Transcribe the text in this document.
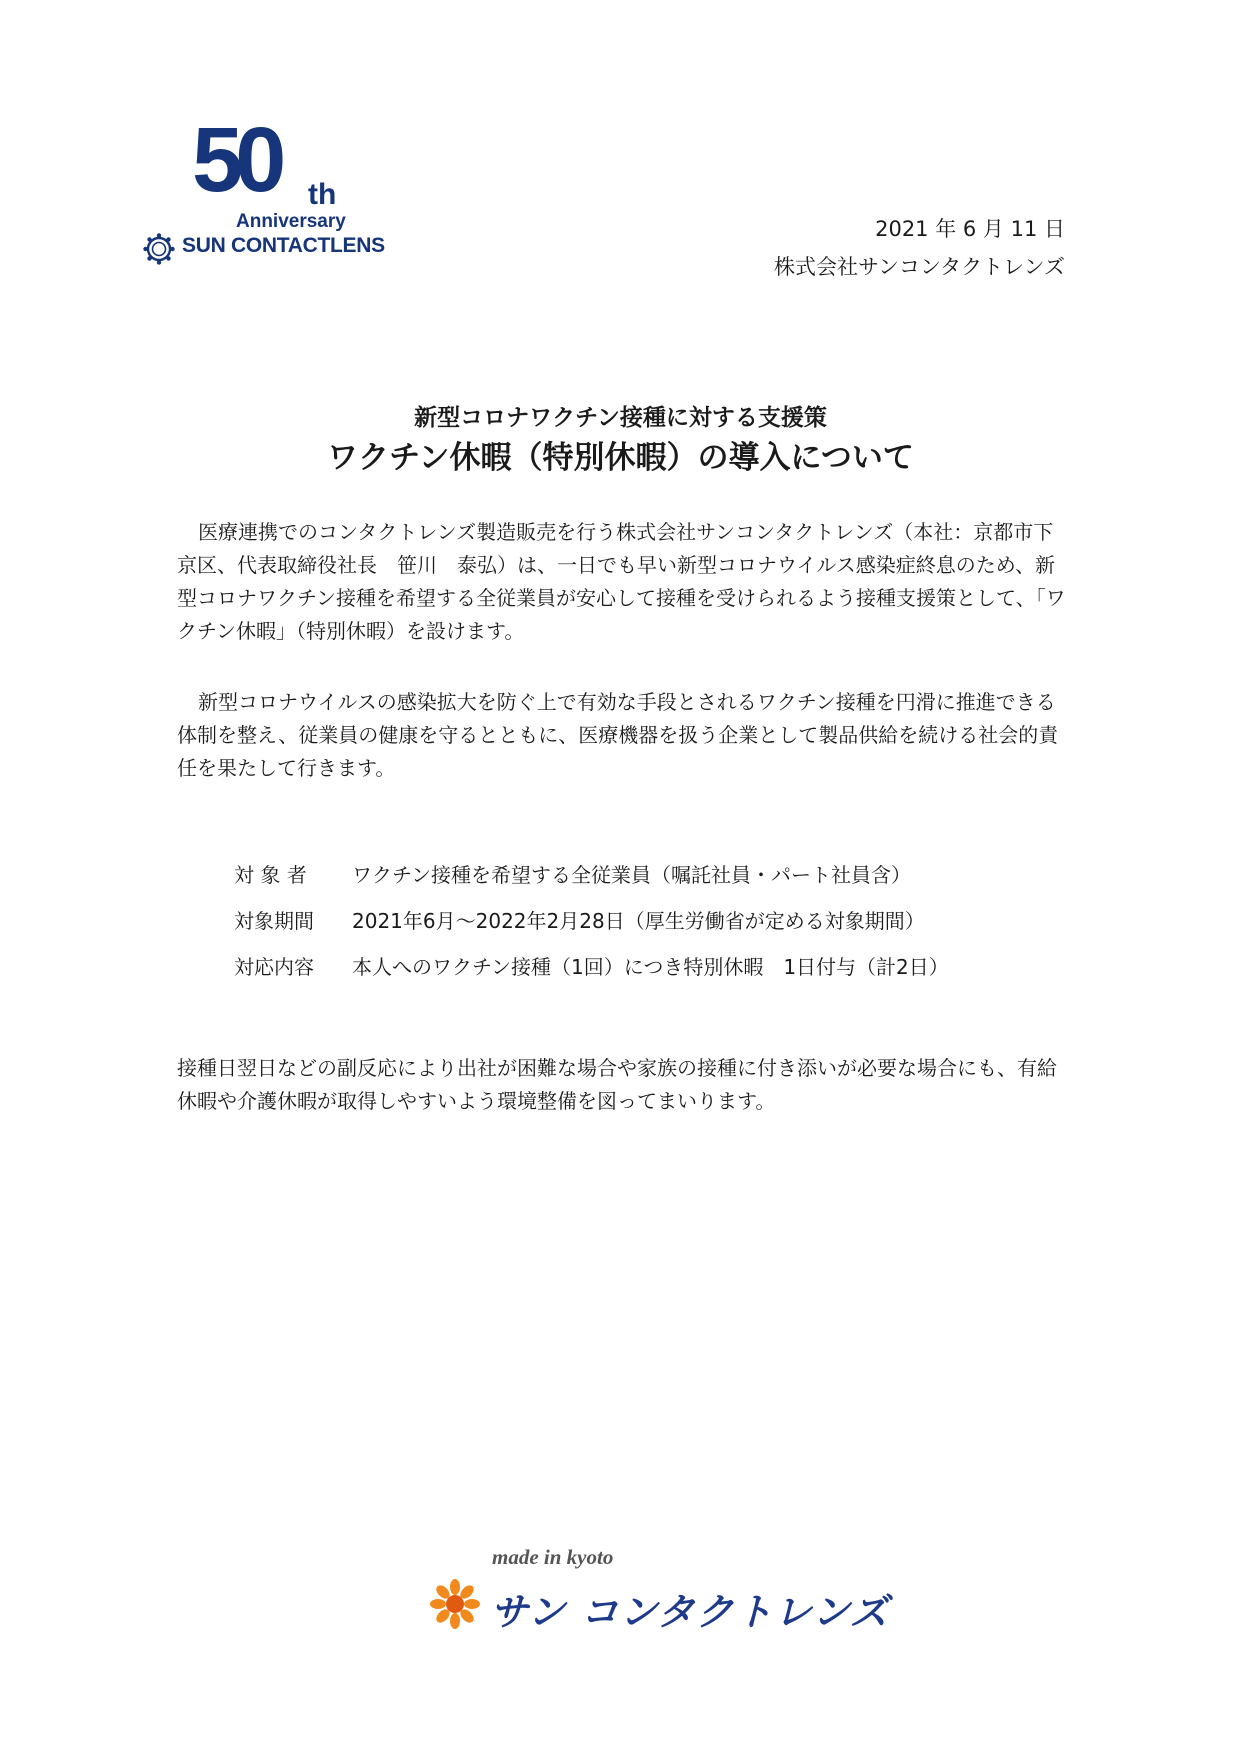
50 th
Anniversary
SUN CONTACTLENS
2021 年 6 月 11 日
株式会社サンコンタクトレンズ
新型コロナワクチン接種に対する支援策
ワクチン休暇（特別休暇）の導入について
医療連携でのコンタクトレンズ製造販売を行う株式会社サンコンタクトレンズ（本社：京都市下京区、代表取締役社長　笹川　泰弘）は、一日でも早い新型コロナウイルス感染症終息のため、新型コロナワクチン接種を希望する全従業員が安心して接種を受けられるよう接種支援策として、「ワクチン休暇」（特別休暇）を設けます。
新型コロナウイルスの感染拡大を防ぐ上で有効な手段とされるワクチン接種を円滑に推進できる体制を整え、従業員の健康を守るとともに、医療機器を扱う企業として製品供給を続ける社会的責任を果たして行きます。
対 象 者	ワクチン接種を希望する全従業員（嘱託社員・パート社員含）
対象期間	2021年6月～2022年2月28日（厚生労働省が定める対象期間）
対応内容	本人へのワクチン接種（1回）につき特別休暇　1日付与（計2日）
接種日翌日などの副反応により出社が困難な場合や家族の接種に付き添いが必要な場合にも、有給休暇や介護休暇が取得しやすいよう環境整備を図ってまいります。
made in kyoto
サン コンタクトレンズ
